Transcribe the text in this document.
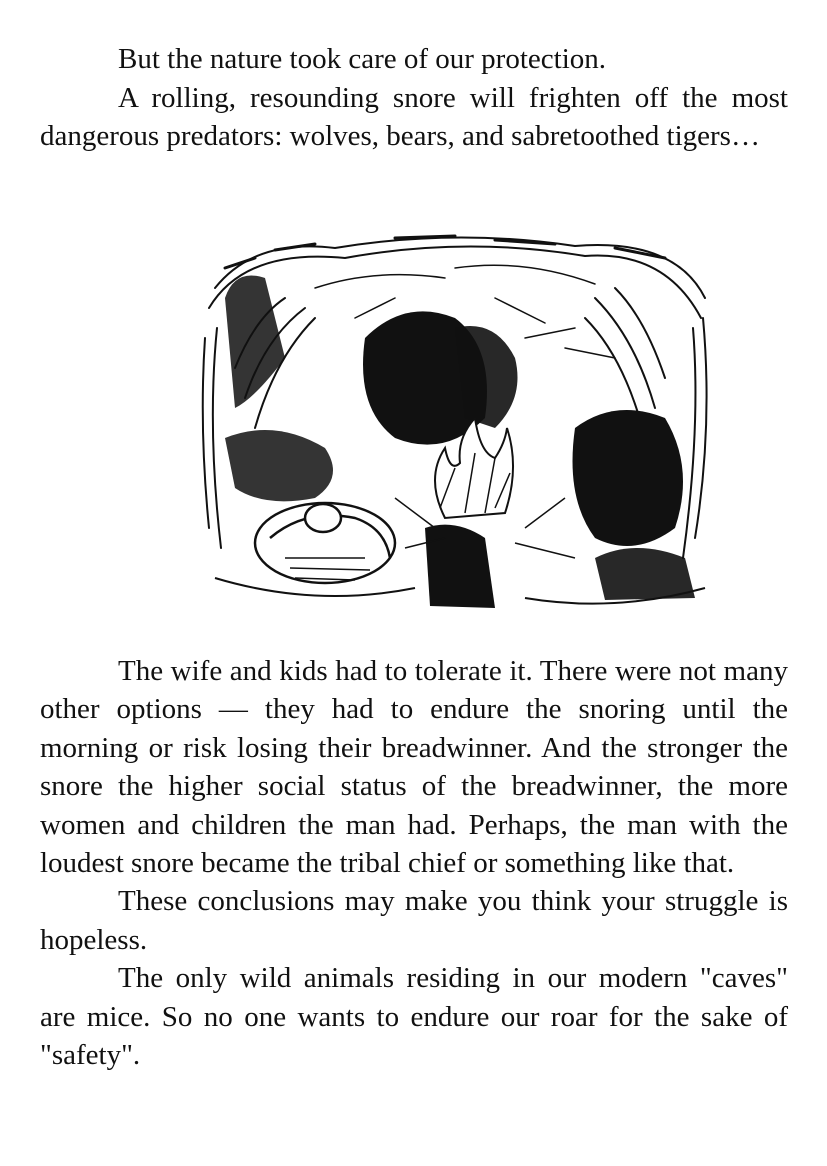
But the nature took care of our protection.

A rolling, resounding snore will frighten off the most dangerous predators: wolves, bears, and sabretoothed tigers…

The wife and kids had to tolerate it. There were not many other options — they had to endure the snoring until the morning or risk losing their breadwinner. And the stronger the snore the higher social status of the breadwinner, the more women and children the man had. Perhaps, the man with the loudest snore became the tribal chief or something like that.

These conclusions may make you think your struggle is hopeless.

The only wild animals residing in our modern "caves" are mice. So no one wants to endure our roar for the sake of "safety".
